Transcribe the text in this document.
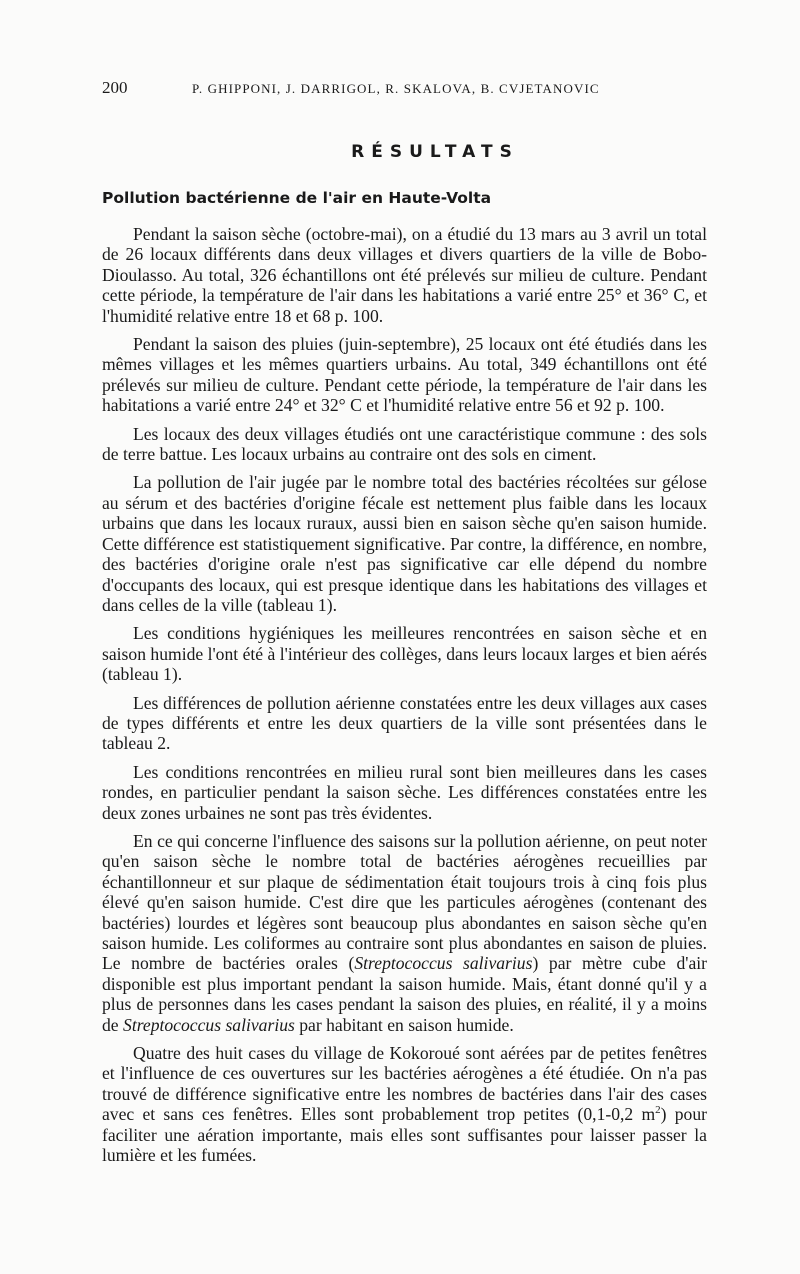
200	P. GHIPPONI, J. DARRIGOL, R. SKALOVA, B. CVJETANOVIC
RÉSULTATS
Pollution bactérienne de l'air en Haute-Volta

Pendant la saison sèche (octobre-mai), on a étudié du 13 mars au 3 avril un total de 26 locaux différents dans deux villages et divers quartiers de la ville de Bobo-Dioulasso. Au total, 326 échantillons ont été prélevés sur milieu de culture. Pendant cette période, la température de l'air dans les habitations a varié entre 25° et 36° C, et l'humidité relative entre 18 et 68 p. 100.

Pendant la saison des pluies (juin-septembre), 25 locaux ont été étudiés dans les mêmes villages et les mêmes quartiers urbains. Au total, 349 échantillons ont été prélevés sur milieu de culture. Pendant cette période, la température de l'air dans les habitations a varié entre 24° et 32° C et l'humidité relative entre 56 et 92 p. 100.

Les locaux des deux villages étudiés ont une caractéristique commune : des sols de terre battue. Les locaux urbains au contraire ont des sols en ciment.

La pollution de l'air jugée par le nombre total des bactéries récoltées sur gélose au sérum et des bactéries d'origine fécale est nettement plus faible dans les locaux urbains que dans les locaux ruraux, aussi bien en saison sèche qu'en saison humide. Cette différence est statistiquement significative. Par contre, la différence, en nombre, des bactéries d'origine orale n'est pas significative car elle dépend du nombre d'occupants des locaux, qui est presque identique dans les habitations des villages et dans celles de la ville (tableau 1).

Les conditions hygiéniques les meilleures rencontrées en saison sèche et en saison humide l'ont été à l'intérieur des collèges, dans leurs locaux larges et bien aérés (tableau 1).

Les différences de pollution aérienne constatées entre les deux villages aux cases de types différents et entre les deux quartiers de la ville sont présentées dans le tableau 2.

Les conditions rencontrées en milieu rural sont bien meilleures dans les cases rondes, en particulier pendant la saison sèche. Les différences constatées entre les deux zones urbaines ne sont pas très évidentes.

En ce qui concerne l'influence des saisons sur la pollution aérienne, on peut noter qu'en saison sèche le nombre total de bactéries aérogènes recueillies par échantillonneur et sur plaque de sédimentation était toujours trois à cinq fois plus élevé qu'en saison humide. C'est dire que les particules aérogènes (contenant des bactéries) lourdes et légères sont beaucoup plus abondantes en saison sèche qu'en saison humide. Les coliformes au contraire sont plus abondantes en saison de pluies. Le nombre de bactéries orales (Streptococcus salivarius) par mètre cube d'air disponible est plus important pendant la saison humide. Mais, étant donné qu'il y a plus de personnes dans les cases pendant la saison des pluies, en réalité, il y a moins de Streptococcus salivarius par habitant en saison humide.

Quatre des huit cases du village de Kokoroué sont aérées par de petites fenêtres et l'influence de ces ouvertures sur les bactéries aérogènes a été étudiée. On n'a pas trouvé de différence significative entre les nombres de bactéries dans l'air des cases avec et sans ces fenêtres. Elles sont probablement trop petites (0,1-0,2 $m^2$) pour faciliter une aération importante, mais elles sont suffisantes pour laisser passer la lumière et les fumées.
